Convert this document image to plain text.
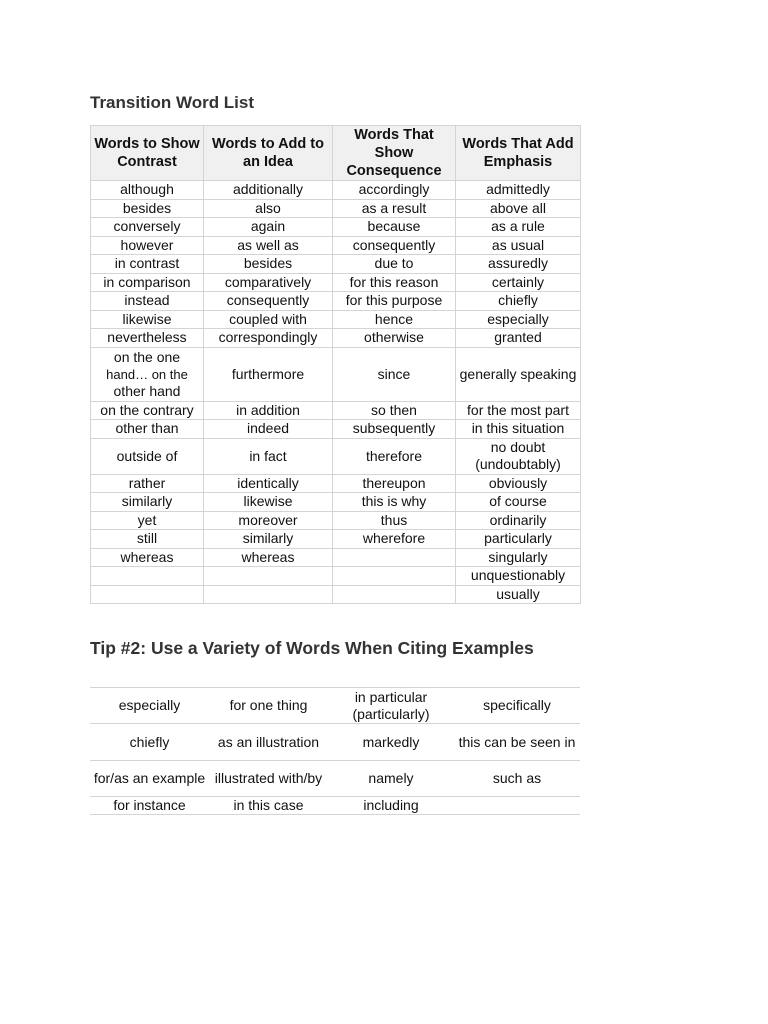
Transition Word List
Words to Show Contrast	Words to Add to an Idea	Words That Show Consequence	Words That Add Emphasis
although	additionally	accordingly	admittedly
besides	also	as a result	above all
conversely	again	because	as a rule
however	as well as	consequently	as usual
in contrast	besides	due to	assuredly
in comparison	comparatively	for this reason	certainly
instead	consequently	for this purpose	chiefly
likewise	coupled with	hence	especially
nevertheless	correspondingly	otherwise	granted

on the one
hand… on the
other hand	furthermore	since	generally speaking
on the contrary	in addition	so then	for the most part
other than	indeed	subsequently	in this situation
outside of	in fact	therefore	no doubt (undoubtably)
rather	identically	thereupon	obviously
similarly	likewise	this is why	of course
yet	moreover	thus	ordinarily
still	similarly	wherefore	particularly
whereas	whereas		singularly
			unquestionably
			usually
Tip #2: Use a Variety of Words When Citing Examples
especially	for one thing	in particular (particularly)	specifically
chiefly	as an illustration	markedly	this can be seen in
for/as an example	illustrated with/by	namely	such as
for instance	in this case	including	
